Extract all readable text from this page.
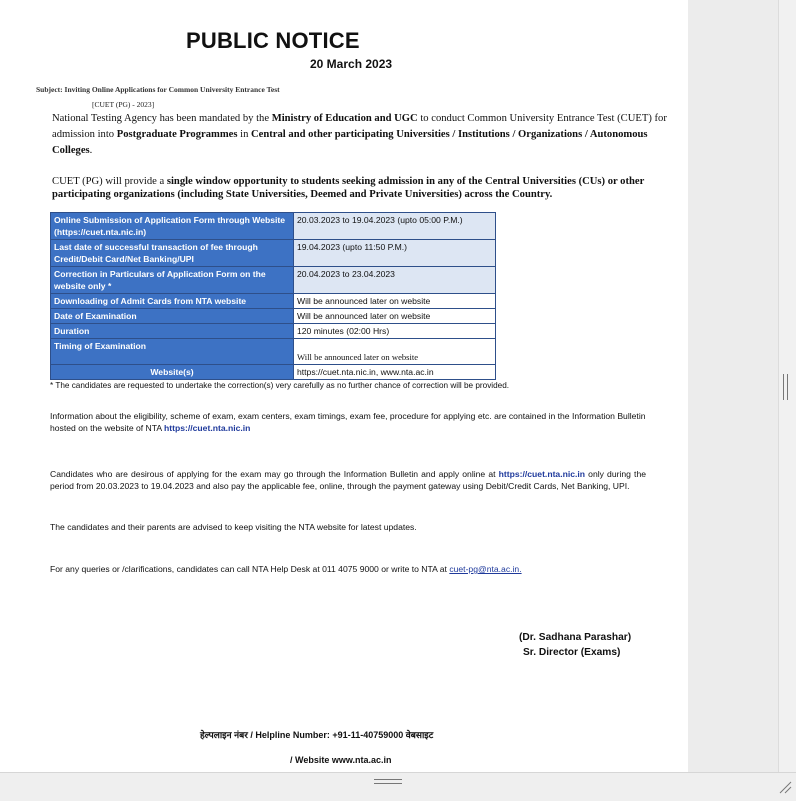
PUBLIC NOTICE
20 March 2023
Subject: Inviting Online Applications for Common University Entrance Test
[CUET (PG) - 2023]
National Testing Agency has been mandated by the Ministry of Education and UGC to conduct Common University Entrance Test (CUET) for admission into Postgraduate Programmes in Central and other participating Universities / Institutions / Organizations / Autonomous Colleges.
CUET (PG) will provide a single window opportunity to students seeking admission in any of the Central Universities (CUs) or other participating organizations (including State Universities, Deemed and Private Universities) across the Country.
Online Submission of Application Form through Website (https://cuet.nta.nic.in)	20.03.2023 to 19.04.2023 (upto 05:00 P.M.)
Last date of successful transaction of fee through Credit/Debit Card/Net Banking/UPI	19.04.2023 (upto 11:50 P.M.)
Correction in Particulars of Application Form on the website only *	20.04.2023 to 23.04.2023
Downloading of Admit Cards from NTA website	Will be announced later on website
Date of Examination	Will be announced later on website
Duration	120 minutes (02:00 Hrs)
Timing of Examination	Will be announced later on website
Website(s)	https://cuet.nta.nic.in, www.nta.ac.in
* The candidates are requested to undertake the correction(s) very carefully as no further chance of correction will be provided.
Information about the eligibility, scheme of exam, exam centers, exam timings, exam fee, procedure for applying etc. are contained in the Information Bulletin hosted on the website of NTA https://cuet.nta.nic.in
Candidates who are desirous of applying for the exam may go through the Information Bulletin and apply online at https://cuet.nta.nic.in only during the period from 20.03.2023 to 19.04.2023 and also pay the applicable fee, online, through the payment gateway using Debit/Credit Cards, Net Banking, UPI.
The candidates and their parents are advised to keep visiting the NTA website for latest updates.
For any queries or /clarifications, candidates can call NTA Help Desk at 011 4075 9000 or write to NTA at cuet-pg@nta.ac.in.
(Dr. Sadhana Parashar)
Sr. Director (Exams)
हेल्पलाइन नंबर / Helpline Number: +91-11-40759000 वेबसाइट
/ Website www.nta.ac.in
